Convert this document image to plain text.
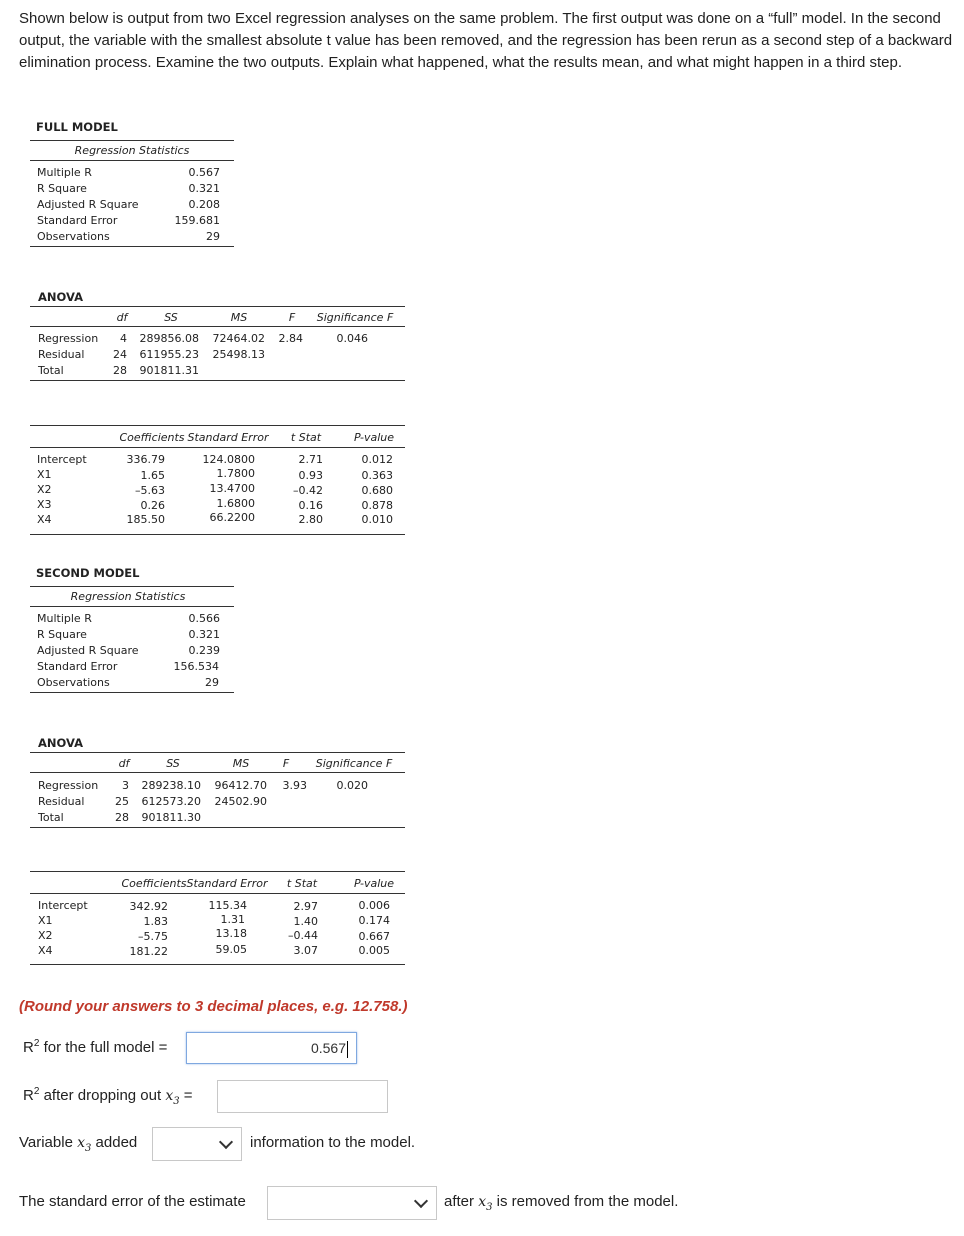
Shown below is output from two Excel regression analyses on the same problem. The first output was done on a “full” model. In the second output, the variable with the smallest absolute t value has been removed, and the regression has been rerun as a second step of a backward elimination process. Examine the two outputs. Explain what happened, what the results mean, and what might happen in a third step.
FULL MODEL
Regression Statistics
Multiple R	0.567
R Square	0.321
Adjusted R Square	0.208
Standard Error	159.681
Observations	29
ANOVA
df	SS	MS	F	Significance F
Regression 4 289856.08 72464.02 2.84	0.046
Residual	24 611955.23 25498.13
Total	28 901811.31
Coefficients Standard Error	t Stat	P-value
Intercept	336.79	124.0800	2.71	0.012
X1	1.65	1.7800	0.93	0.363
X2	–5.63	13.4700	–0.42	0.680
X3	0.26	1.6800	0.16	0.878
X4	185.50	66.2200	2.80	0.010
SECOND MODEL
Regression Statistics
Multiple R	0.566
R Square	0.321
Adjusted R Square	0.239
Standard Error	156.534
Observations	29
ANOVA
df	SS	MS	F	Significance F
Regression 3 289238.10 96412.70 3.93	0.020
Residual	25 612573.20 24502.90
Total	28 901811.30
Coefficients Standard Error	t Stat	P-value
Intercept	342.92	115.34	2.97	0.006
X1	1.83	1.31	1.40	0.174
X2	–5.75	13.18	–0.44	0.667
X4	181.22	59.05	3.07	0.005
(Round your answers to 3 decimal places, e.g. 12.758.)
$R^2$ for the full model =	0.567
$R^2$ after dropping out $x_3$ =
Variable $x_3$ added	information to the model.
The standard error of the estimate	after $x_3$ is removed from the model.
